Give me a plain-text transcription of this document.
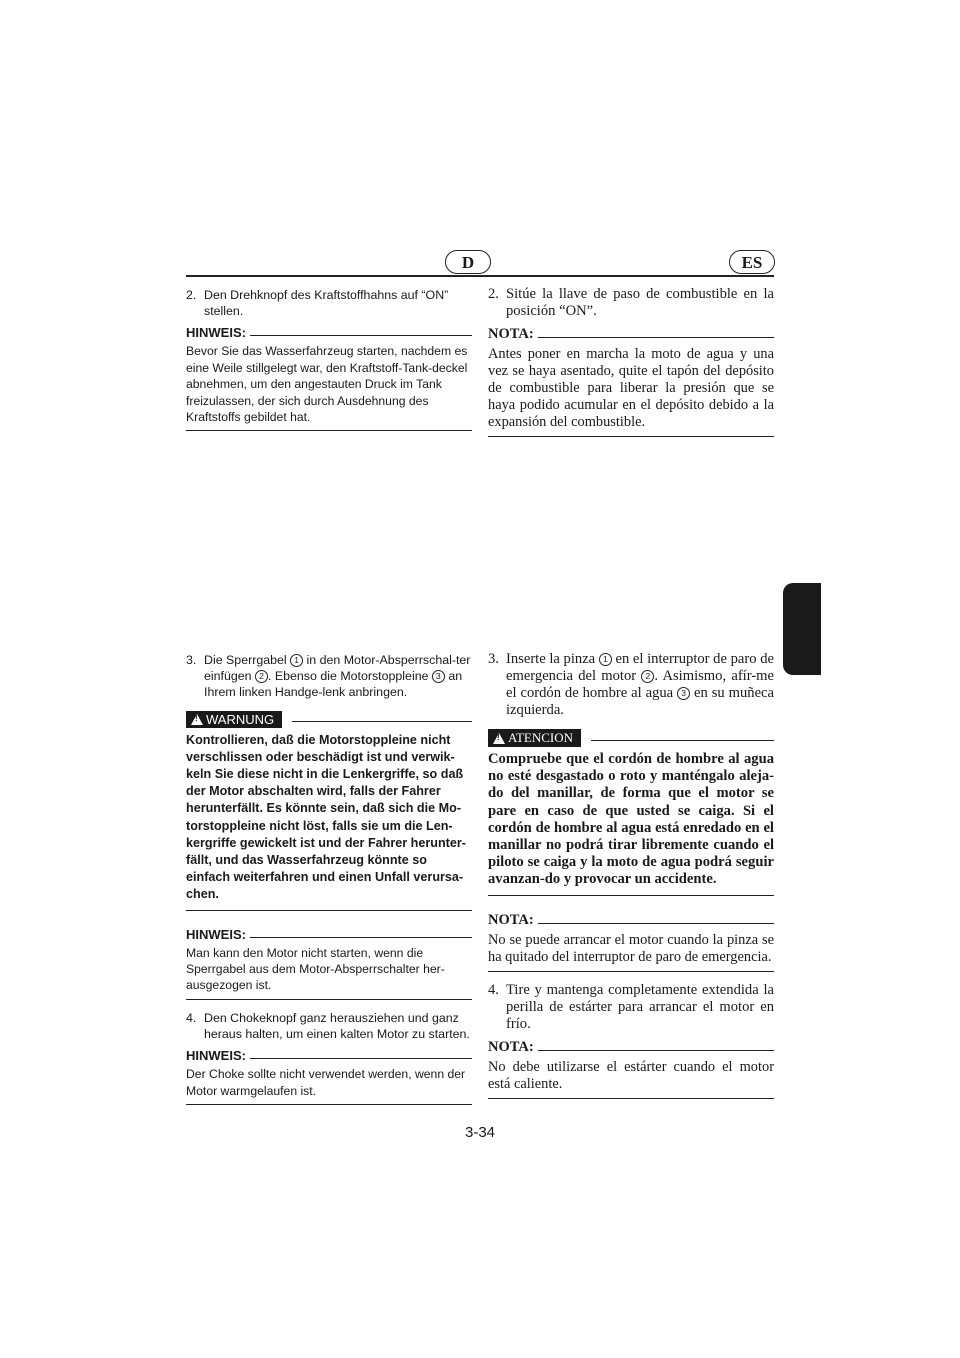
D	ES
2. Den Drehknopf des Kraftstoffhahns auf “ON” stellen.
HINWEIS:
Bevor Sie das Wasserfahrzeug starten, nachdem es eine Weile stillgelegt war, den Kraftstoff-Tank-deckel abnehmen, um den angestauten Druck im Tank freizulassen, der sich durch Ausdehnung des Kraftstoffs gebildet hat.
2. Sitúe la llave de paso de combustible en la posición “ON”.
NOTA:
Antes poner en marcha la moto de agua y una vez se haya asentado, quite el tapón del depósito de combustible para liberar la presión que se haya podido acumular en el depósito debido a la expansión del combustible.
3. Die Sperrgabel 1 in den Motor-Absperrschal-ter einfügen 2 . Ebenso die Motorstoppleine 3 an Ihrem linken Handge-lenk anbringen.
!
WARNUNG
Kontrollieren, daß die Motorstoppleine nicht verschlissen oder beschädigt ist und verwik-keln Sie diese nicht in die Lenkergriffe, so daß der Motor abschalten wird, falls der Fahrer herunterfällt. Es könnte sein, daß sich die Mo-torstoppleine nicht löst, falls sie um die Len-kergriffe gewickelt ist und der Fahrer herunter-fällt, und das Wasserfahrzeug könnte so einfach weiterfahren und einen Unfall verursa-chen.
HINWEIS:
Man kann den Motor nicht starten, wenn die Sperrgabel aus dem Motor-Absperrschalter her-ausgezogen ist.
4. Den Chokeknopf ganz herausziehen und ganz heraus halten, um einen kalten Motor zu starten.
HINWEIS:
Der Choke sollte nicht verwendet werden, wenn der Motor warmgelaufen ist.
3. Inserte la pinza 1 en el interruptor de paro de emergencia del motor 2 . Asimismo, afír-me el cordón de hombre al agua 3 en su muñeca izquierda.
!
ATENCION
Compruebe que el cordón de hombre al agua no esté desgastado o roto y manténgalo aleja-do del manillar, de forma que el motor se pare en caso de que usted se caiga. Si el cordón de hombre al agua está enredado en el manillar no podrá tirar libremente cuando el piloto se caiga y la moto de agua podrá seguir avanzan-do y provocar un accidente.
NOTA:
No se puede arrancar el motor cuando la pinza se ha quitado del interruptor de paro de emergencia.
4. Tire y mantenga completamente extendida la perilla de estárter para arrancar el motor en frío.
NOTA:
No debe utilizarse el estárter cuando el motor está caliente.
3-34
